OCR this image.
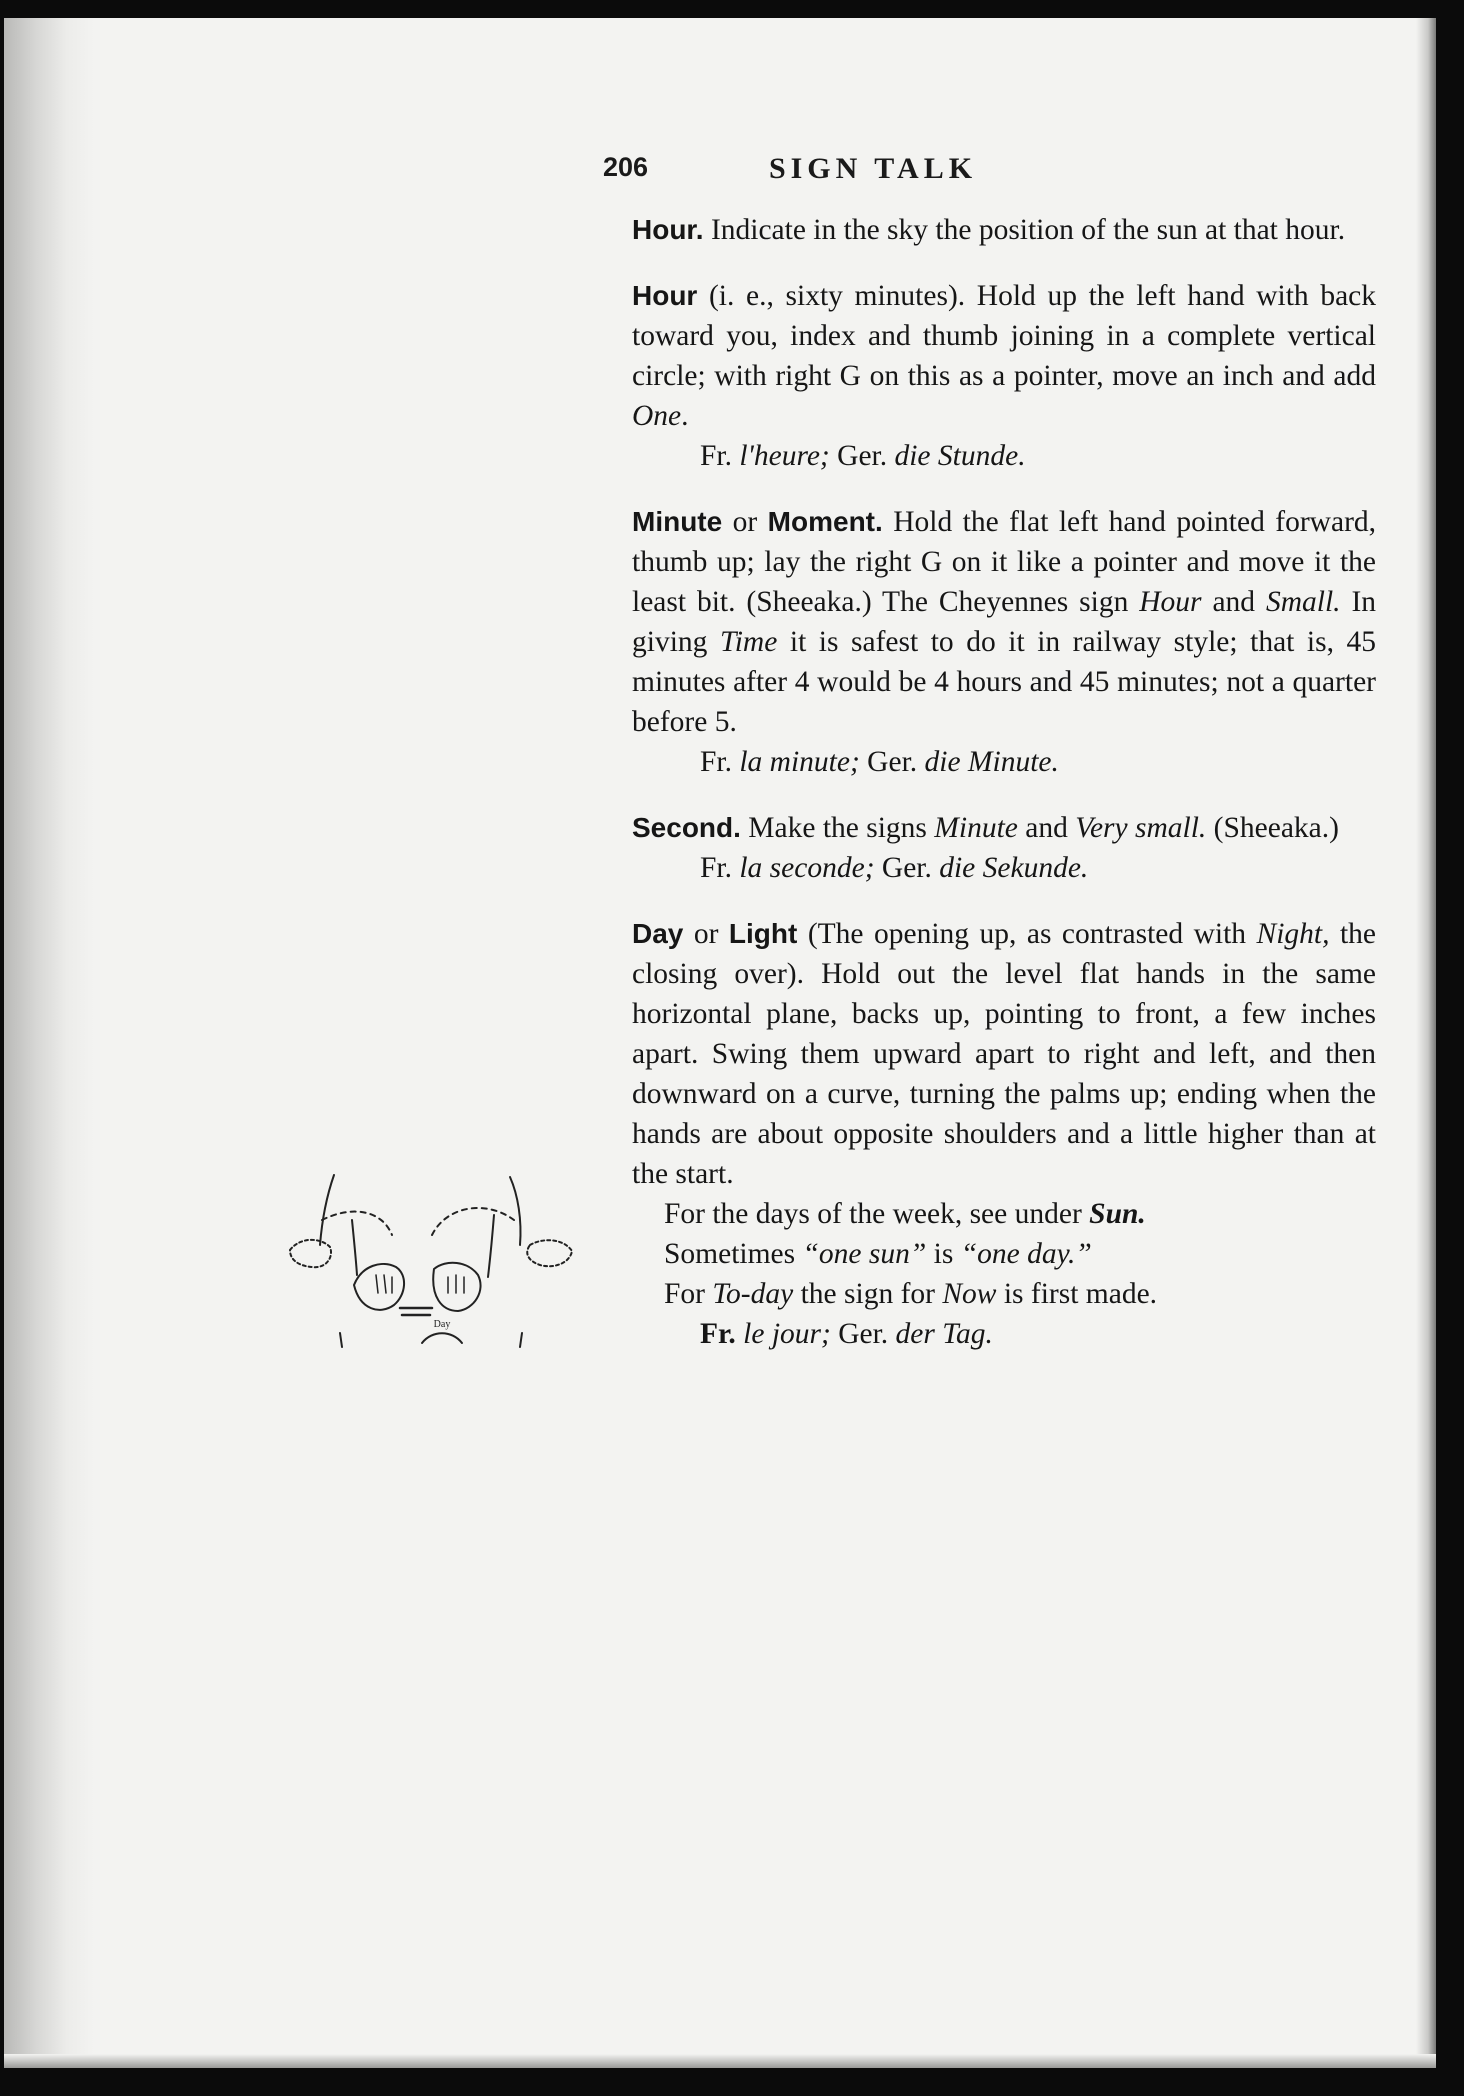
206	SIGN TALK

Hour. Indicate in the sky the position of the sun at that hour.

Hour (i. e., sixty minutes). Hold up the left hand with back toward you, index and thumb joining in a complete vertical circle; with right G on this as a pointer, move an inch and add One.

Fr. l'heure; Ger. die Stunde.

Minute or Moment. Hold the flat left hand pointed forward, thumb up; lay the right G on it like a pointer and move it the least bit. (Sheeaka.) The Cheyennes sign Hour and Small. In giving Time it is safest to do it in railway style; that is, 45 minutes after 4 would be 4 hours and 45 minutes; not a quarter before 5.

Fr. la minute; Ger. die Minute.

Second. Make the signs Minute and Very small. (Sheeaka.)

Fr. la seconde; Ger. die Sekunde.

Day or Light (The opening up, as contrasted with Night, the closing over). Hold out the level flat hands in the same horizontal plane, backs up, pointing to front, a few inches apart. Swing them upward apart to right and left, and then downward on a curve, turning the palms up; ending when the hands are about opposite shoulders and a little higher than at the start.

For the days of the week, see under Sun.

Sometimes “one sun” is “one day.”

For To-day the sign for Now is first made.

Fr. le jour; Ger. der Tag.

Day
